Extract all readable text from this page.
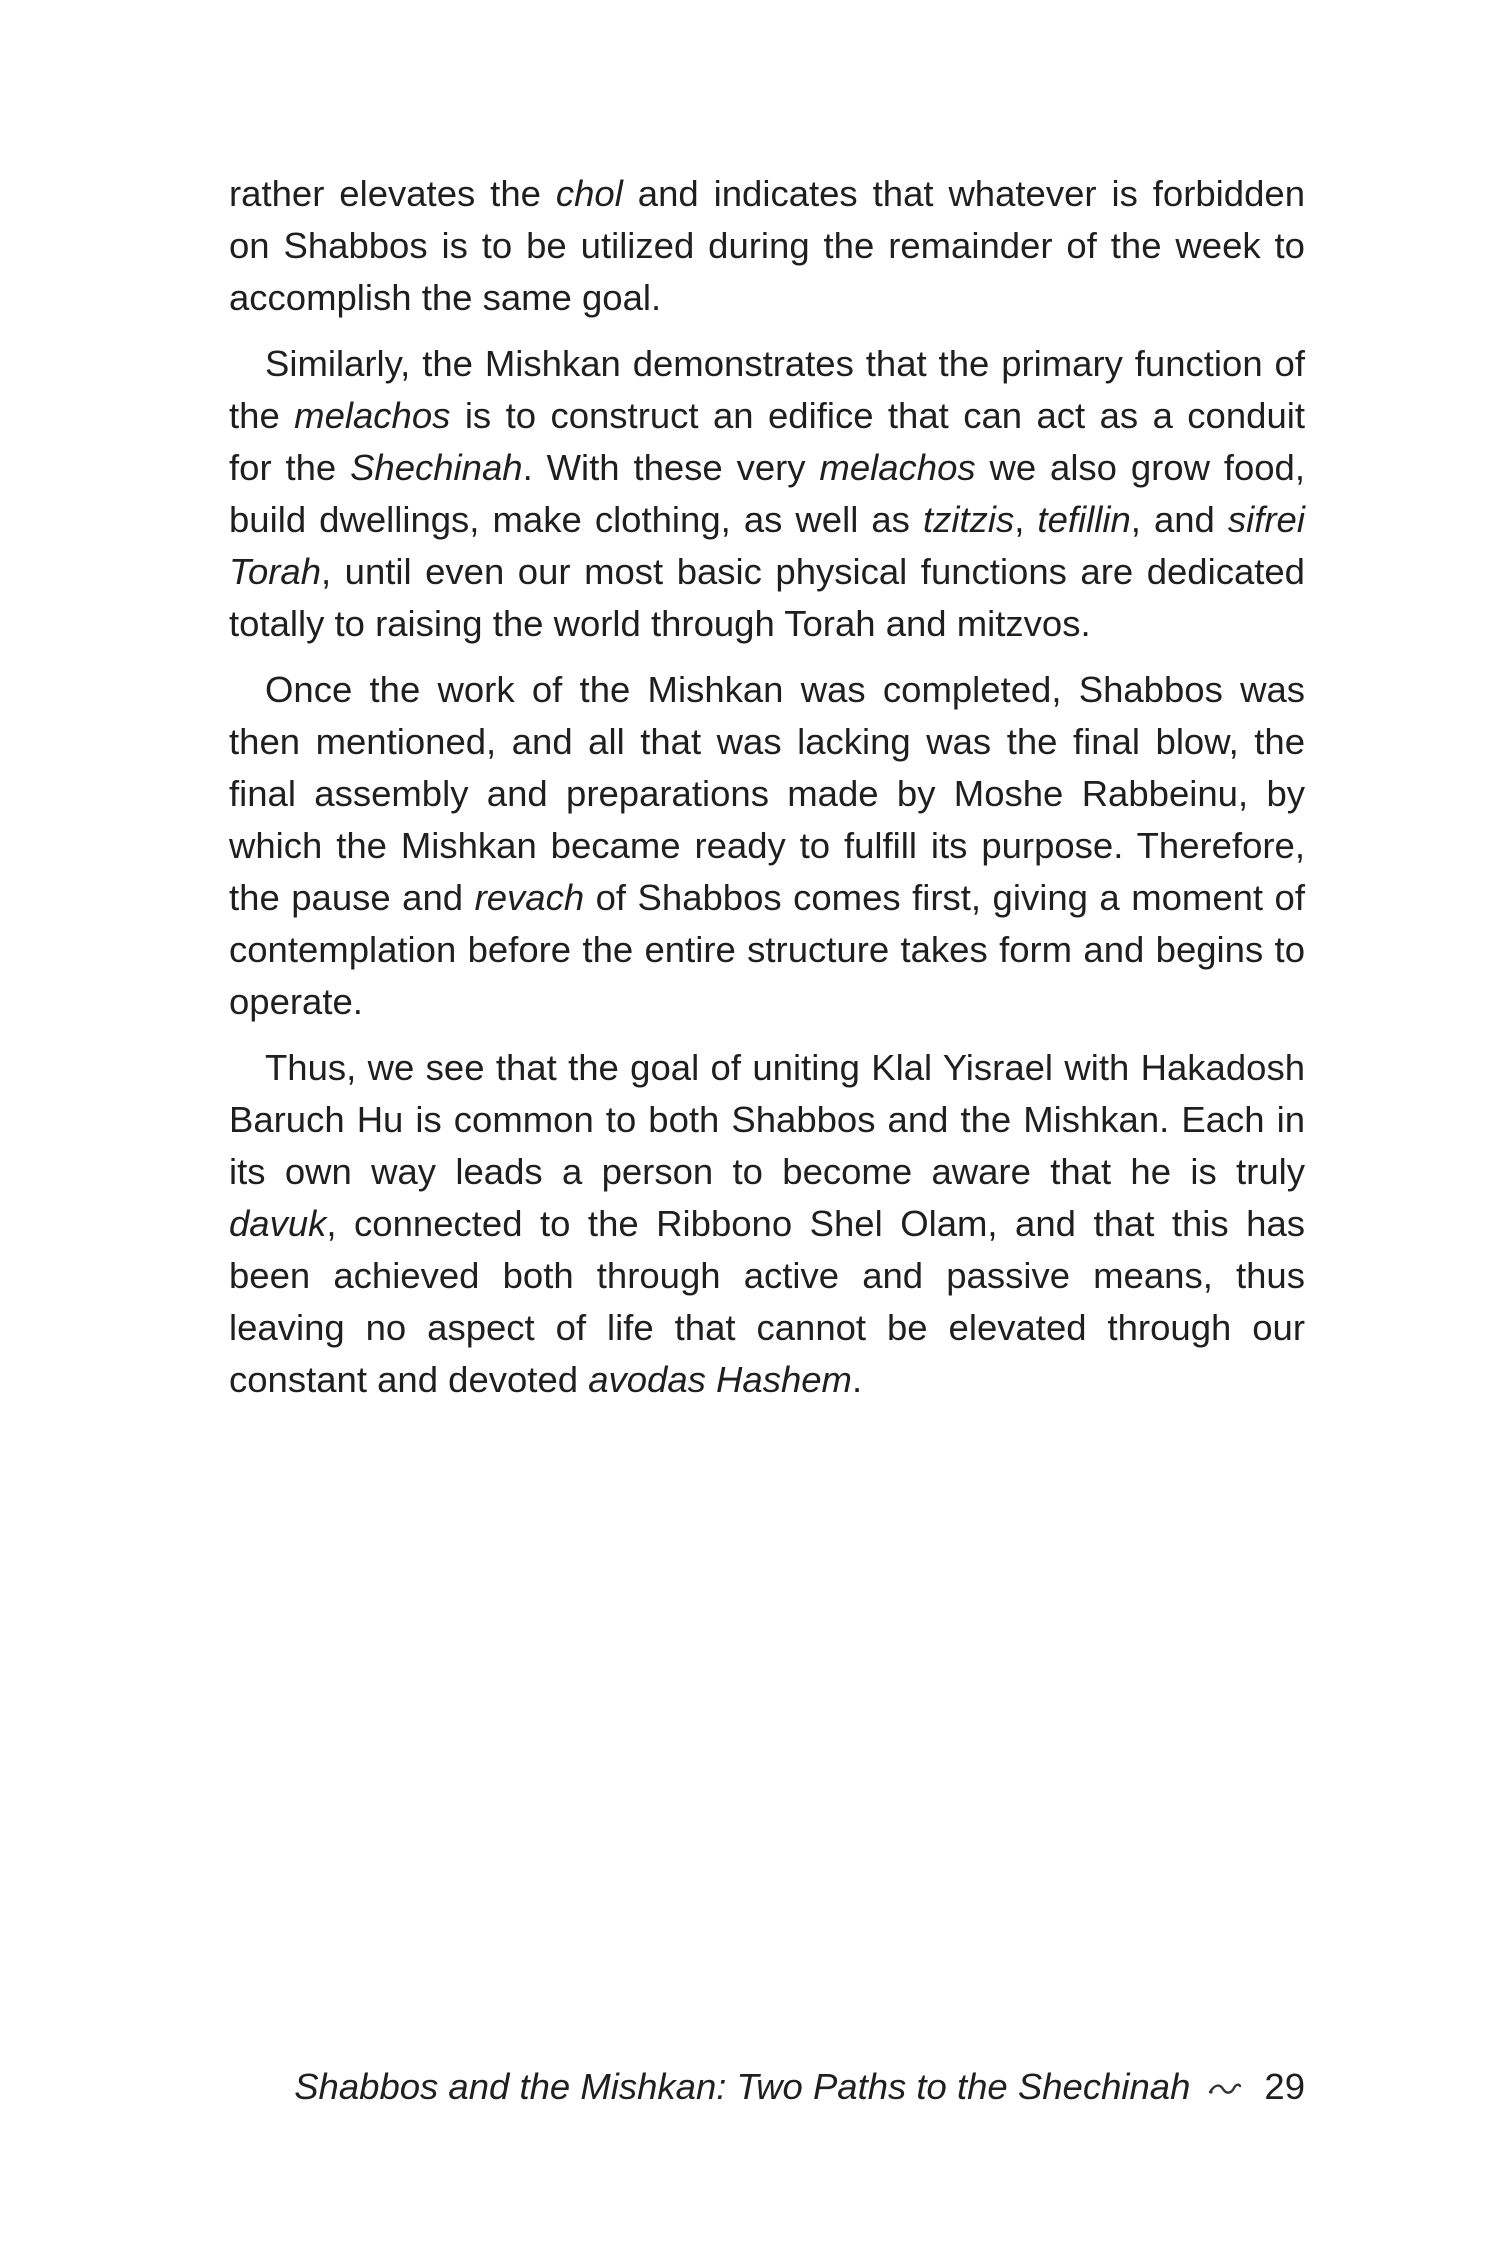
rather elevates the chol and indicates that whatever is forbidden on Shabbos is to be utilized during the remainder of the week to accomplish the same goal.

Similarly, the Mishkan demonstrates that the primary function of the melachos is to construct an edifice that can act as a conduit for the Shechinah. With these very melachos we also grow food, build dwellings, make clothing, as well as tzitzis, tefillin, and sifrei Torah, until even our most basic physical functions are dedicated totally to raising the world through Torah and mitzvos.

Once the work of the Mishkan was completed, Shabbos was then mentioned, and all that was lacking was the final blow, the final assembly and preparations made by Moshe Rabbeinu, by which the Mishkan became ready to fulfill its purpose. Therefore, the pause and revach of Shabbos comes first, giving a moment of contemplation before the entire structure takes form and begins to operate.

Thus, we see that the goal of uniting Klal Yisrael with Hakadosh Baruch Hu is common to both Shabbos and the Mishkan. Each in its own way leads a person to become aware that he is truly davuk, connected to the Ribbono Shel Olam, and that this has been achieved both through active and passive means, thus leaving no aspect of life that cannot be elevated through our constant and devoted avodas Hashem.

Shabbos and the Mishkan: Two Paths to the Shechinah 29
